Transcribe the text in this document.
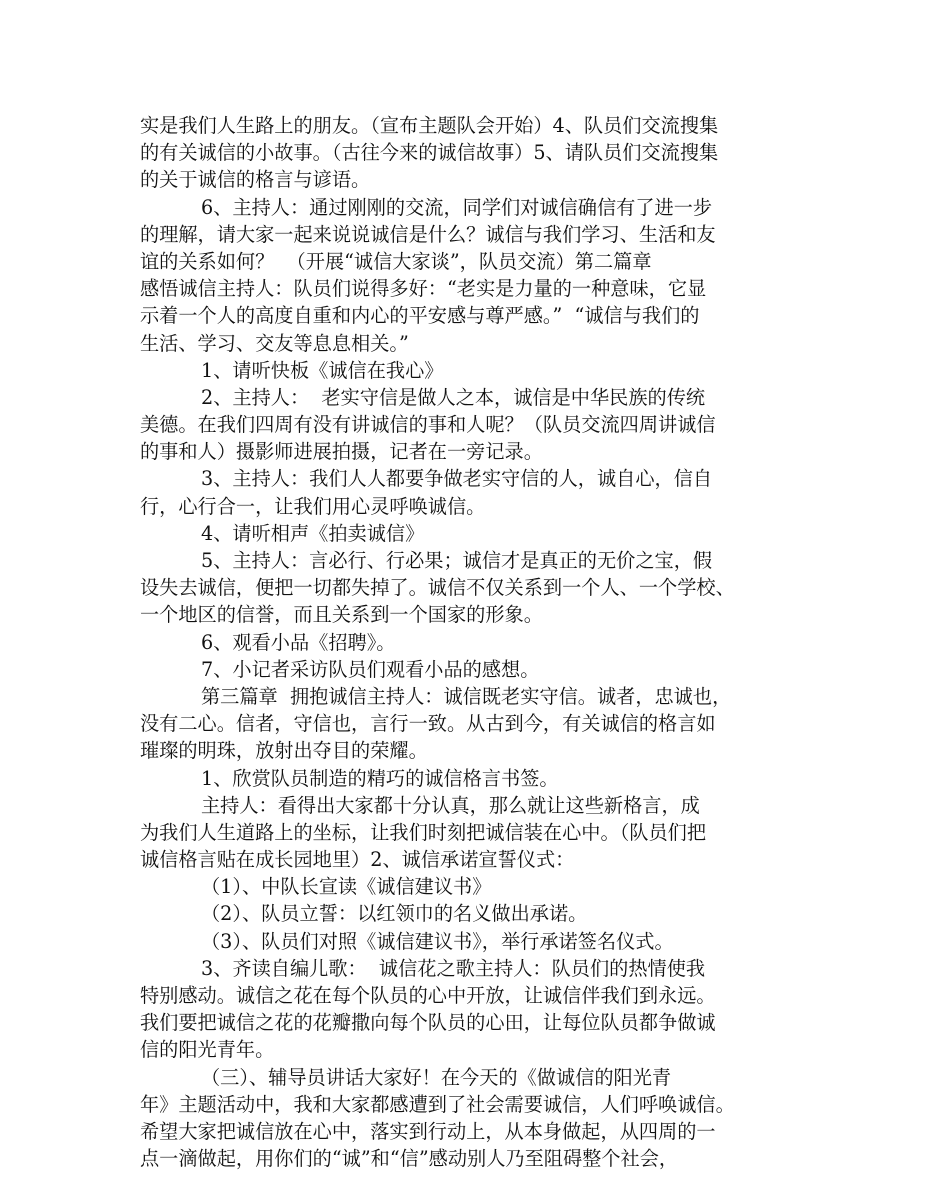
实是我们人生路上的朋友。（宣布主题队会开始）4、队员们交流搜集
的有关诚信的小故事。（古往今来的诚信故事）5、请队员们交流搜集
的关于诚信的格言与谚语。
6、主持人：通过刚刚的交流，同学们对诚信确信有了进一步
的理解，请大家一起来说说诚信是什么？诚信与我们学习、生活和友
谊的关系如何？  （开展“诚信大家谈”，队员交流）第二篇章
感悟诚信主持人：队员们说得多好：“老实是力量的一种意味，它显
示着一个人的高度自重和内心的平安感与尊严感。”  “诚信与我们的
生活、学习、交友等息息相关。”
1、请听快板《诚信在我心》
2、主持人：  老实守信是做人之本，诚信是中华民族的传统
美德。在我们四周有没有讲诚信的事和人呢？（队员交流四周讲诚信
的事和人）摄影师进展拍摄，记者在一旁记录。
3、主持人：我们人人都要争做老实守信的人，诚自心，信自
行，心行合一，让我们用心灵呼唤诚信。
4、请听相声《拍卖诚信》
5、主持人：言必行、行必果；诚信才是真正的无价之宝，假
设失去诚信，便把一切都失掉了。诚信不仅关系到一个人、一个学校、
一个地区的信誉，而且关系到一个国家的形象。
6、观看小品《招聘》。
7、小记者采访队员们观看小品的感想。
第三篇章  拥抱诚信主持人：诚信既老实守信。诚者，忠诚也，
没有二心。信者，守信也，言行一致。从古到今，有关诚信的格言如
璀璨的明珠，放射出夺目的荣耀。
1、欣赏队员制造的精巧的诚信格言书签。
主持人：看得出大家都十分认真，那么就让这些新格言，成
为我们人生道路上的坐标，让我们时刻把诚信装在心中。（队员们把
诚信格言贴在成长园地里）2、诚信承诺宣誓仪式：
（1）、中队长宣读《诚信建议书》
（2）、队员立誓：以红领巾的名义做出承诺。
（3）、队员们对照《诚信建议书》，举行承诺签名仪式。
3、齐读自编儿歌：  诚信花之歌主持人：队员们的热情使我
特别感动。诚信之花在每个队员的心中开放，让诚信伴我们到永远。
我们要把诚信之花的花瓣撒向每个队员的心田，让每位队员都争做诚
信的阳光青年。
（三）、辅导员讲话大家好！在今天的《做诚信的阳光青
年》主题活动中，我和大家都感遭到了社会需要诚信，人们呼唤诚信。
希望大家把诚信放在心中，落实到行动上，从本身做起，从四周的一
点一滴做起，用你们的“诚”和“信”感动别人乃至阻碍整个社会，
